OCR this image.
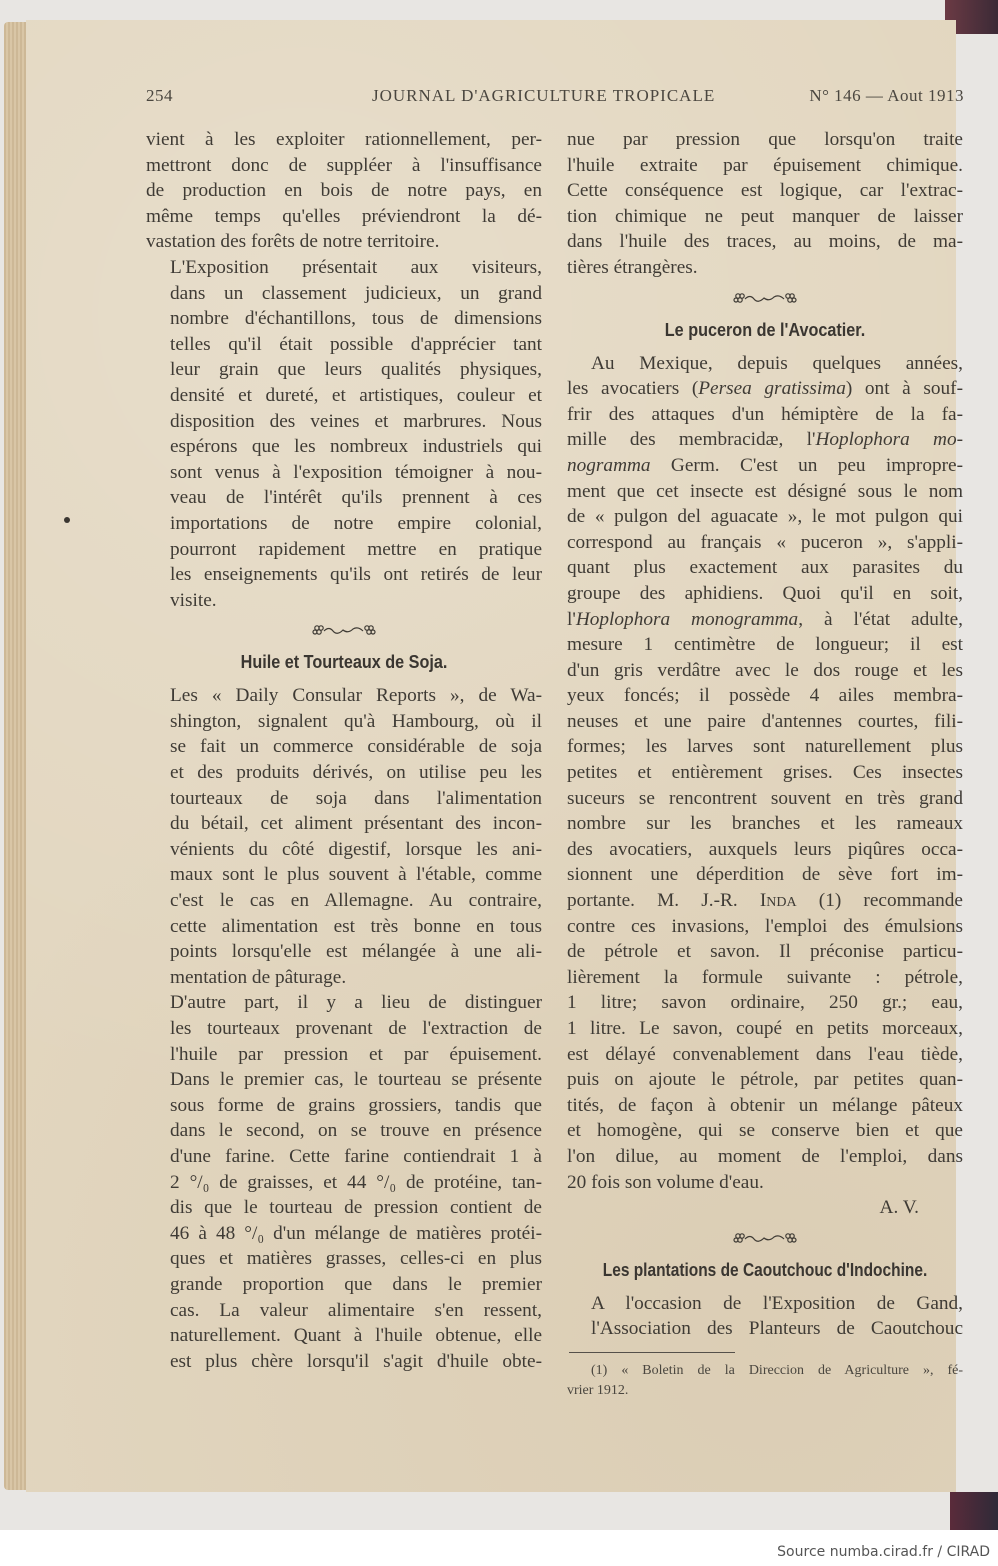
254	JOURNAL D'AGRICULTURE TROPICALE	N° 146 — Aout 1913

vient à les exploiter rationnellement, per-
mettront donc de suppléer à l'insuffisance
de production en bois de notre pays, en
même temps qu'elles préviendront la dé-
vastation des forêts de notre territoire.

L'Exposition présentait aux visiteurs,
dans un classement judicieux, un grand
nombre d'échantillons, tous de dimensions
telles qu'il était possible d'apprécier tant
leur grain que leurs qualités physiques,
densité et dureté, et artistiques, couleur et
disposition des veines et marbrures. Nous
espérons que les nombreux industriels qui
sont venus à l'exposition témoigner à nou-
veau de l'intérêt qu'ils prennent à ces
importations de notre empire colonial,
pourront rapidement mettre en pratique
les enseignements qu'ils ont retirés de leur
visite.

Huile et Tourteaux de Soja.

Les « Daily Consular Reports », de Wa-
shington, signalent qu'à Hambourg, où il
se fait un commerce considérable de soja
et des produits dérivés, on utilise peu les
tourteaux de soja dans l'alimentation
du bétail, cet aliment présentant des incon-
vénients du côté digestif, lorsque les ani-
maux sont le plus souvent à l'étable, comme
c'est le cas en Allemagne. Au contraire,
cette alimentation est très bonne en tous
points lorsqu'elle est mélangée à une ali-
mentation de pâturage.

D'autre part, il y a lieu de distinguer
les tourteaux provenant de l'extraction de
l'huile par pression et par épuisement.
Dans le premier cas, le tourteau se présente
sous forme de grains grossiers, tandis que
dans le second, on se trouve en présence
d'une farine. Cette farine contiendrait 1 à
2 °/₀ de graisses, et 44 °/₀ de protéine, tan-
dis que le tourteau de pression contient de
46 à 48 °/₀ d'un mélange de matières protéi-
ques et matières grasses, celles-ci en plus
grande proportion que dans le premier
cas. La valeur alimentaire s'en ressent,
naturellement. Quant à l'huile obtenue, elle
est plus chère lorsqu'il s'agit d'huile obte-

nue par pression que lorsqu'on traite
l'huile extraite par épuisement chimique.
Cette conséquence est logique, car l'extrac-
tion chimique ne peut manquer de laisser
dans l'huile des traces, au moins, de ma-
tières étrangères.

Le puceron de l'Avocatier.

Au Mexique, depuis quelques années,
les avocatiers (Persea gratissima) ont à souf-
frir des attaques d'un hémiptère de la fa-
mille des membracidæ, l'Hoplophora mo-
nogramma Germ. C'est un peu impropre-
ment que cet insecte est désigné sous le nom
de « pulgon del aguacate », le mot pulgon qui
correspond au français « puceron », s'appli-
quant plus exactement aux parasites du
groupe des aphidiens. Quoi qu'il en soit,
l'Hoplophora monogramma, à l'état adulte,
mesure 1 centimètre de longueur; il est
d'un gris verdâtre avec le dos rouge et les
yeux foncés; il possède 4 ailes membra-
neuses et une paire d'antennes courtes, fili-
formes; les larves sont naturellement plus
petites et entièrement grises. Ces insectes
suceurs se rencontrent souvent en très grand
nombre sur les branches et les rameaux
des avocatiers, auxquels leurs piqûres occa-
sionnent une déperdition de sève fort im-
portante. M. J.-R. Inda (1) recommande
contre ces invasions, l'emploi des émulsions
de pétrole et savon. Il préconise particu-
lièrement la formule suivante : pétrole,
1 litre; savon ordinaire, 250 gr.; eau,
1 litre. Le savon, coupé en petits morceaux,
est délayé convenablement dans l'eau tiède,
puis on ajoute le pétrole, par petites quan-
tités, de façon à obtenir un mélange pâteux
et homogène, qui se conserve bien et que
l'on dilue, au moment de l'emploi, dans
20 fois son volume d'eau.

A. V.
Les plantations de Caoutchouc d'Indochine.

A l'occasion de l'Exposition de Gand,
l'Association des Planteurs de Caoutchouc

(1) « Boletin de la Direccion de Agriculture », fé-
vrier 1912.
Source numba.cirad.fr / CIRAD
